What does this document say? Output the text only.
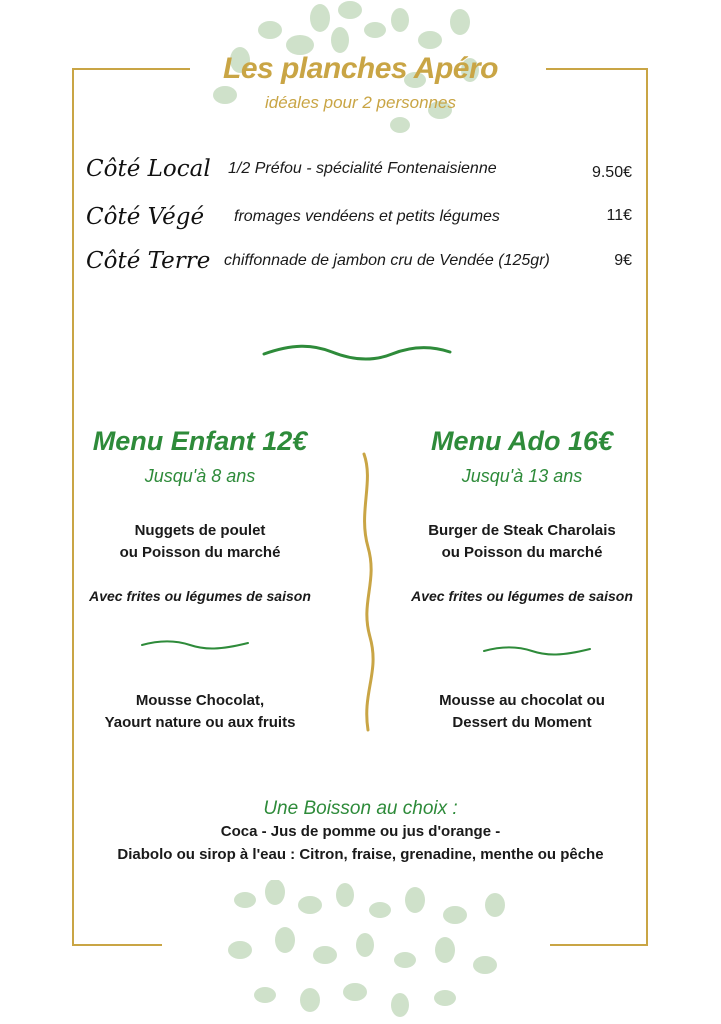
Les planches Apéro
idéales pour 2 personnes
Côté Local 1/2 Préfou - spécialité Fontenaisienne	9.50€
Côté Végé fromages vendéens et petits légumes	11€
Côté Terre chiffonnade de jambon cru de Vendée (125gr)	9€
Menu Enfant 12€
Jusqu'à 8 ans
Nuggets de poulet
ou Poisson du marché
Avec frites ou légumes de saison
Mousse Chocolat,
Yaourt nature ou aux fruits
Menu Ado 16€
Jusqu'à 13 ans
Burger de Steak Charolais
ou Poisson du marché
Avec frites ou légumes de saison
Mousse au chocolat ou
Dessert du Moment
Une Boisson au choix :
Coca - Jus de pomme ou jus d'orange -
Diabolo ou sirop à l'eau : Citron, fraise, grenadine, menthe ou pêche
